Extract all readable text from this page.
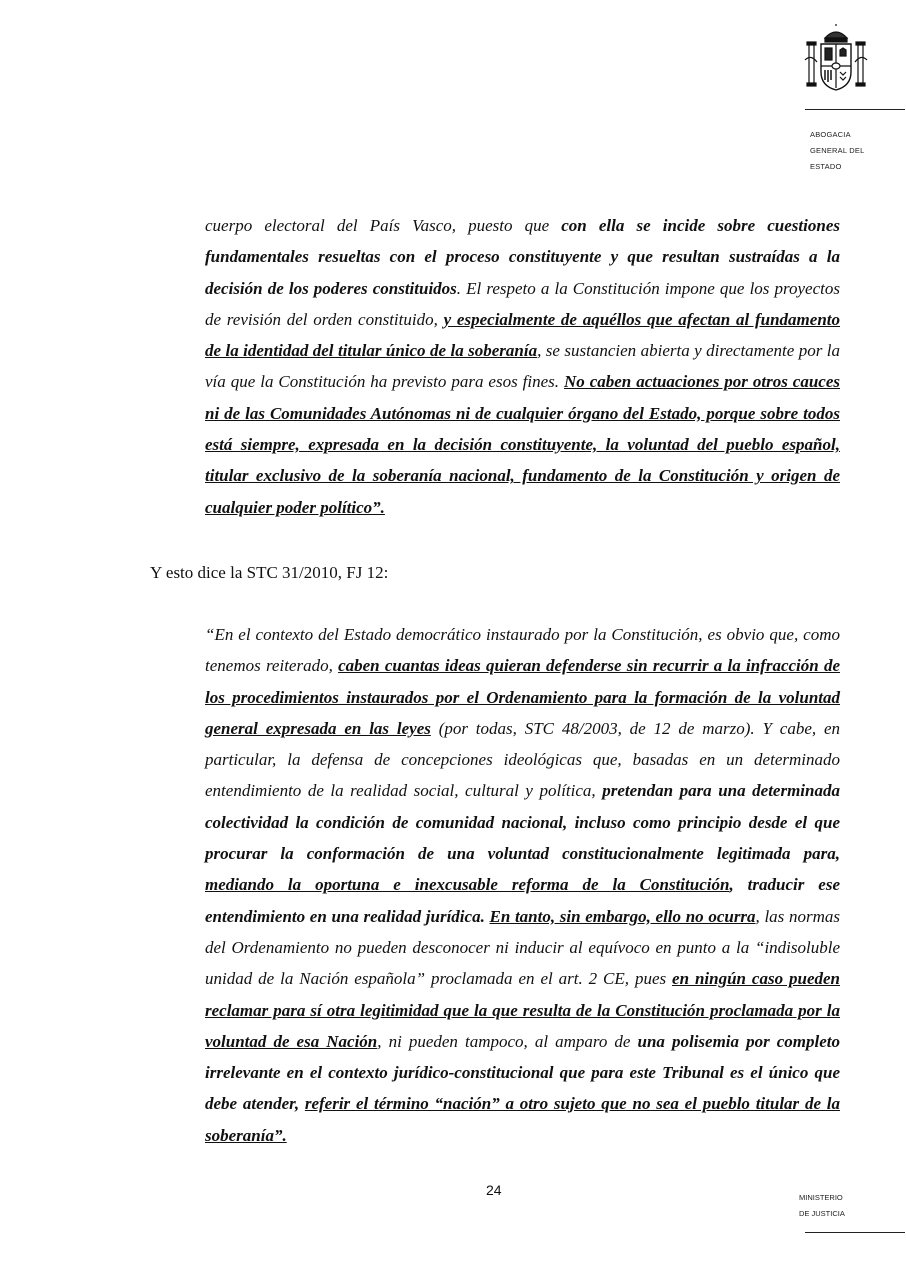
ABOGACIA
GENERAL DEL
ESTADO
cuerpo electoral del País Vasco, puesto que con ella se incide sobre cuestiones fundamentales resueltas con el proceso constituyente y que resultan sustraídas a la decisión de los poderes constituidos. El respeto a la Constitución impone que los proyectos de revisión del orden constituido, y especialmente de aquéllos que afectan al fundamento de la identidad del titular único de la soberanía, se sustancien abierta y directamente por la vía que la Constitución ha previsto para esos fines. No caben actuaciones por otros cauces ni de las Comunidades Autónomas ni de cualquier órgano del Estado, porque sobre todos está siempre, expresada en la decisión constituyente, la voluntad del pueblo español, titular exclusivo de la soberanía nacional, fundamento de la Constitución y origen de cualquier poder político”.
Y esto dice la STC 31/2010, FJ 12:
“En el contexto del Estado democrático instaurado por la Constitución, es obvio que, como tenemos reiterado, caben cuantas ideas quieran defenderse sin recurrir a la infracción de los procedimientos instaurados por el Ordenamiento para la formación de la voluntad general expresada en las leyes (por todas, STC 48/2003, de 12 de marzo). Y cabe, en particular, la defensa de concepciones ideológicas que, basadas en un determinado entendimiento de la realidad social, cultural y política, pretendan para una determinada colectividad la condición de comunidad nacional, incluso como principio desde el que procurar la conformación de una voluntad constitucionalmente legitimada para, mediando la oportuna e inexcusable reforma de la Constitución, traducir ese entendimiento en una realidad jurídica. En tanto, sin embargo, ello no ocurra, las normas del Ordenamiento no pueden desconocer ni inducir al equívoco en punto a la “indisoluble unidad de la Nación española” proclamada en el art. 2 CE, pues en ningún caso pueden reclamar para sí otra legitimidad que la que resulta de la Constitución proclamada por la voluntad de esa Nación, ni pueden tampoco, al amparo de una polisemia por completo irrelevante en el contexto jurídico-constitucional que para este Tribunal es el único que debe atender, referir el término “nación” a otro sujeto que no sea el pueblo titular de la soberanía”.
24	MINISTERIO
DE JUSTICIA
